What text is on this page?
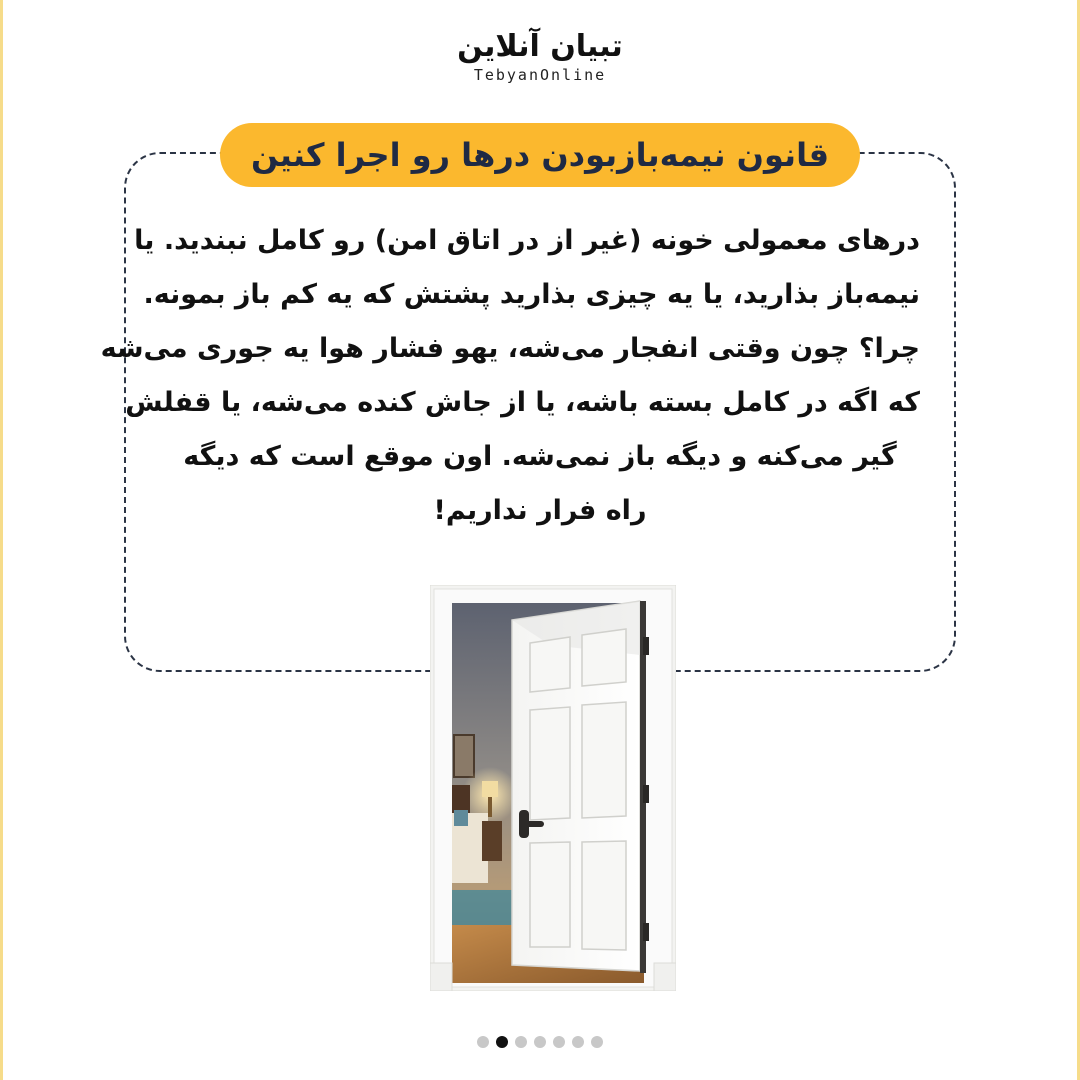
تبیان آنلاین
TebyanOnline
قانون نیمه‌بازبودن درها رو اجرا کنین
درهای معمولی خونه (غیر از در اتاق امن) رو کامل نبندید. یا
نیمه‌باز بذارید، یا یه چیزی بذارید پشتش که یه کم باز بمونه.
چرا؟ چون وقتی انفجار می‌شه، یهو فشار هوا یه جوری می‌شه
که اگه در کامل بسته باشه، یا از جاش کنده می‌شه، یا قفلش
گیر می‌کنه و دیگه باز نمی‌شه. اون موقع است که دیگه
راه فرار نداریم!
